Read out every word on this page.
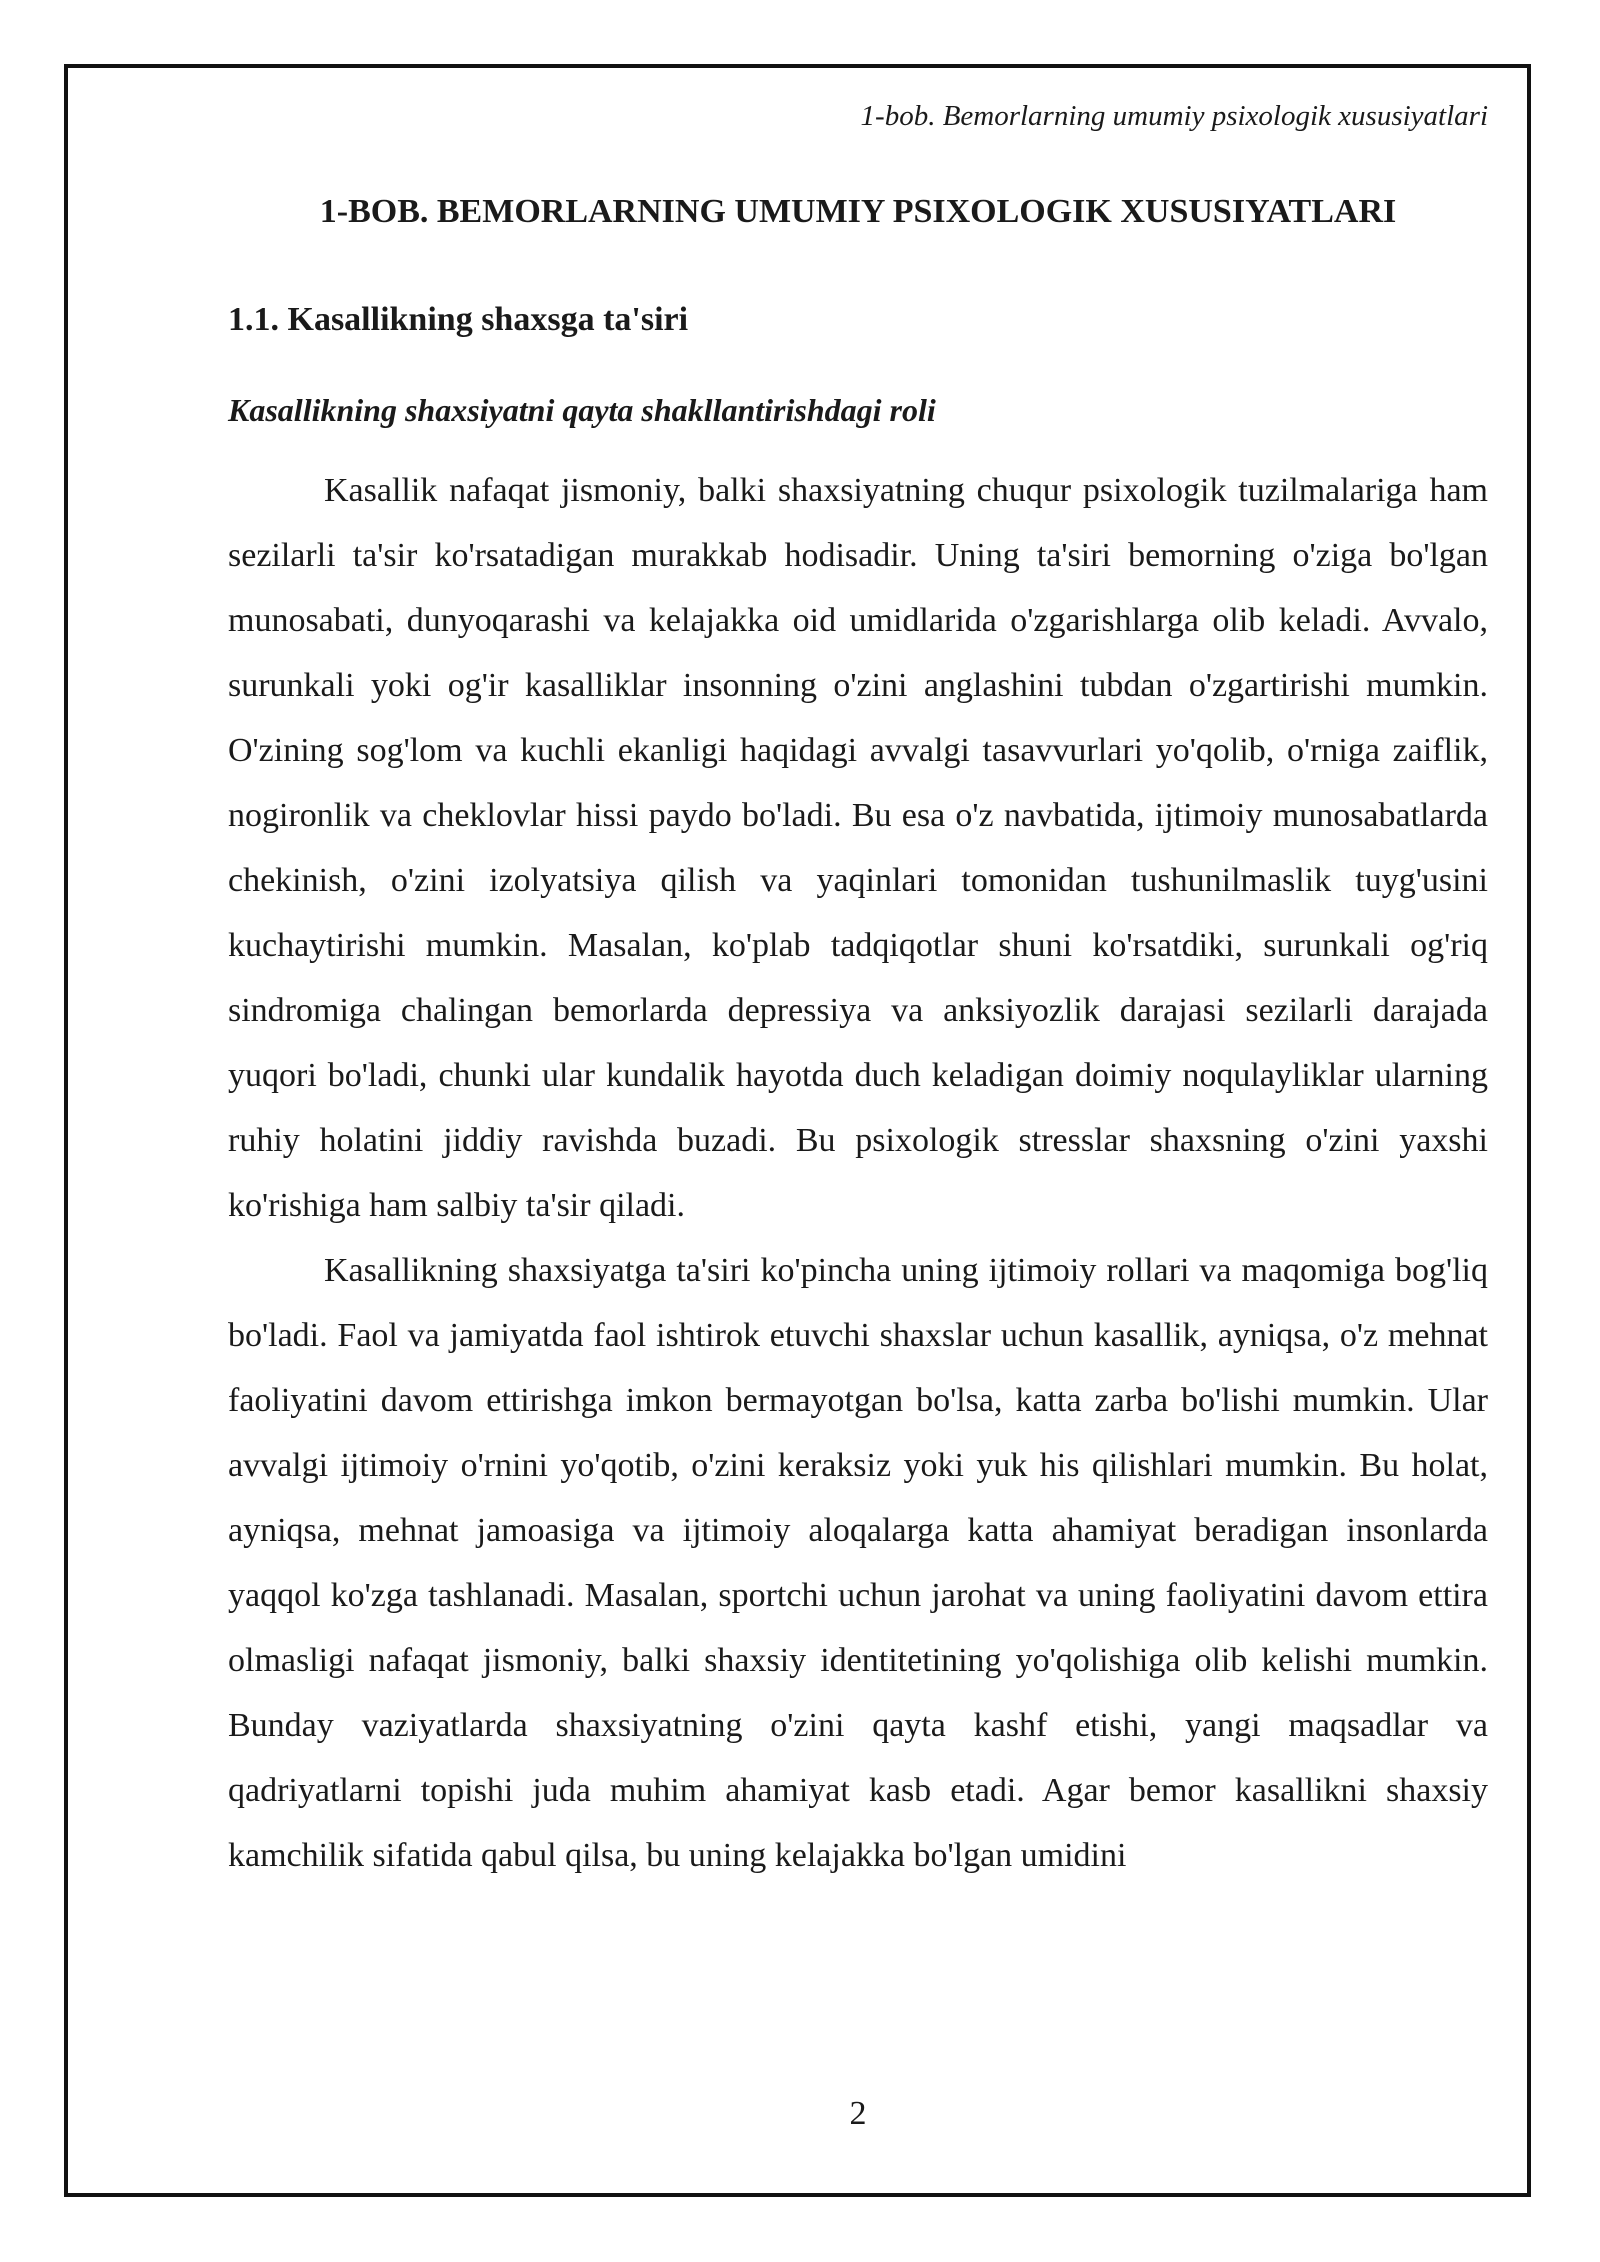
1-bob. Bemorlarning umumiy psixologik xususiyatlari
1-BOB. BEMORLARNING UMUMIY PSIXOLOGIK XUSUSIYATLARI
1.1. Kasallikning shaxsga ta'siri
Kasallikning shaxsiyatni qayta shakllantirishdagi roli

Kasallik nafaqat jismoniy, balki shaxsiyatning chuqur psixologik tuzilmalariga ham sezilarli ta'sir ko'rsatadigan murakkab hodisadir. Uning ta'siri bemorning o'ziga bo'lgan munosabati, dunyoqarashi va kelajakka oid umidlarida o'zgarishlarga olib keladi. Avvalo, surunkali yoki og'ir kasalliklar insonning o'zini anglashini tubdan o'zgartirishi mumkin. O'zining sog'lom va kuchli ekanligi haqidagi avvalgi tasavvurlari yo'qolib, o'rniga zaiflik, nogironlik va cheklovlar hissi paydo bo'ladi. Bu esa o'z navbatida, ijtimoiy munosabatlarda chekinish, o'zini izolyatsiya qilish va yaqinlari tomonidan tushunilmaslik tuyg'usini kuchaytirishi mumkin. Masalan, ko'plab tadqiqotlar shuni ko'rsatdiki, surunkali og'riq sindromiga chalingan bemorlarda depressiya va anksiyozlik darajasi sezilarli darajada yuqori bo'ladi, chunki ular kundalik hayotda duch keladigan doimiy noqulayliklar ularning ruhiy holatini jiddiy ravishda buzadi. Bu psixologik stresslar shaxsning o'zini yaxshi ko'rishiga ham salbiy ta'sir qiladi.

Kasallikning shaxsiyatga ta'siri ko'pincha uning ijtimoiy rollari va maqomiga bog'liq bo'ladi. Faol va jamiyatda faol ishtirok etuvchi shaxslar uchun kasallik, ayniqsa, o'z mehnat faoliyatini davom ettirishga imkon bermayotgan bo'lsa, katta zarba bo'lishi mumkin. Ular avvalgi ijtimoiy o'rnini yo'qotib, o'zini keraksiz yoki yuk his qilishlari mumkin. Bu holat, ayniqsa, mehnat jamoasiga va ijtimoiy aloqalarga katta ahamiyat beradigan insonlarda yaqqol ko'zga tashlanadi. Masalan, sportchi uchun jarohat va uning faoliyatini davom ettira olmasligi nafaqat jismoniy, balki shaxsiy identitetining yo'qolishiga olib kelishi mumkin. Bunday vaziyatlarda shaxsiyatning o'zini qayta kashf etishi, yangi maqsadlar va qadriyatlarni topishi juda muhim ahamiyat kasb etadi. Agar bemor kasallikni shaxsiy kamchilik sifatida qabul qilsa, bu uning kelajakka bo'lgan umidini

2
